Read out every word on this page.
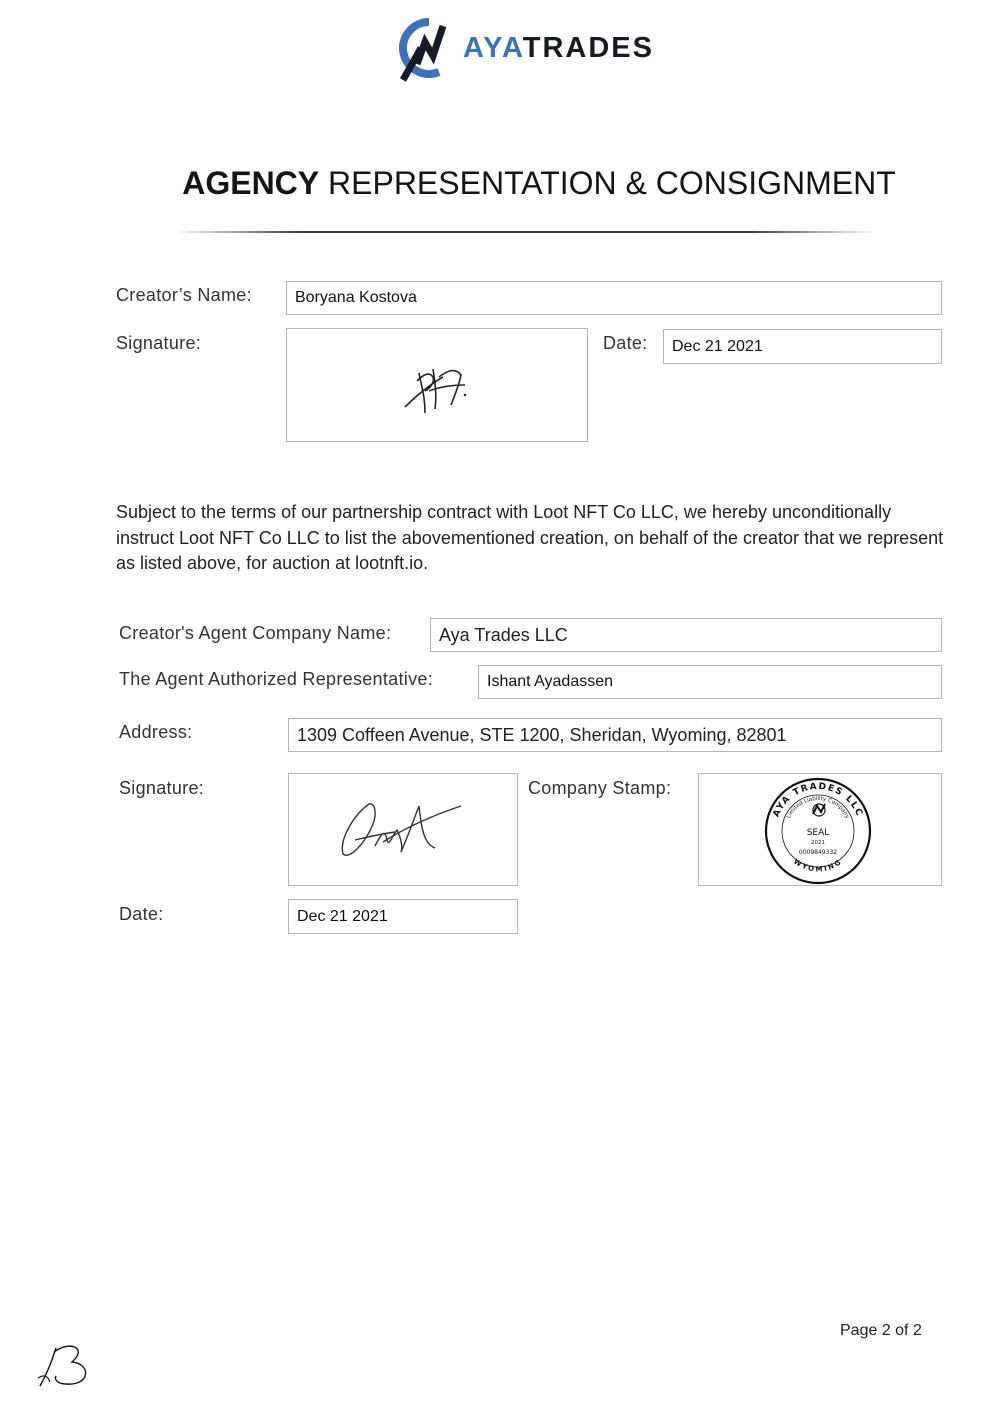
AYATRADES
AGENCY REPRESENTATION & CONSIGNMENT
Creator’s Name:	Boryana Kostova
Signature:	Date:	Dec 21 2021
Subject to the terms of our partnership contract with Loot NFT Co LLC, we hereby unconditionally instruct Loot NFT Co LLC to list the abovementioned creation, on behalf of the creator that we represent as listed above, for auction at lootnft.io.
Creator's Agent Company Name:	Aya Trades LLC
The Agent Authorized Representative:	Ishant Ayadassen
Address:	1309 Coffeen Avenue, STE 1200, Sheridan, Wyoming, 82801
Signature:	Company Stamp:
AYA TRADES LLC
Limited Liability Company
WYOMING
SEAL
2021
0009849332
Date:	Dec 21 2021
Page 2 of 2
